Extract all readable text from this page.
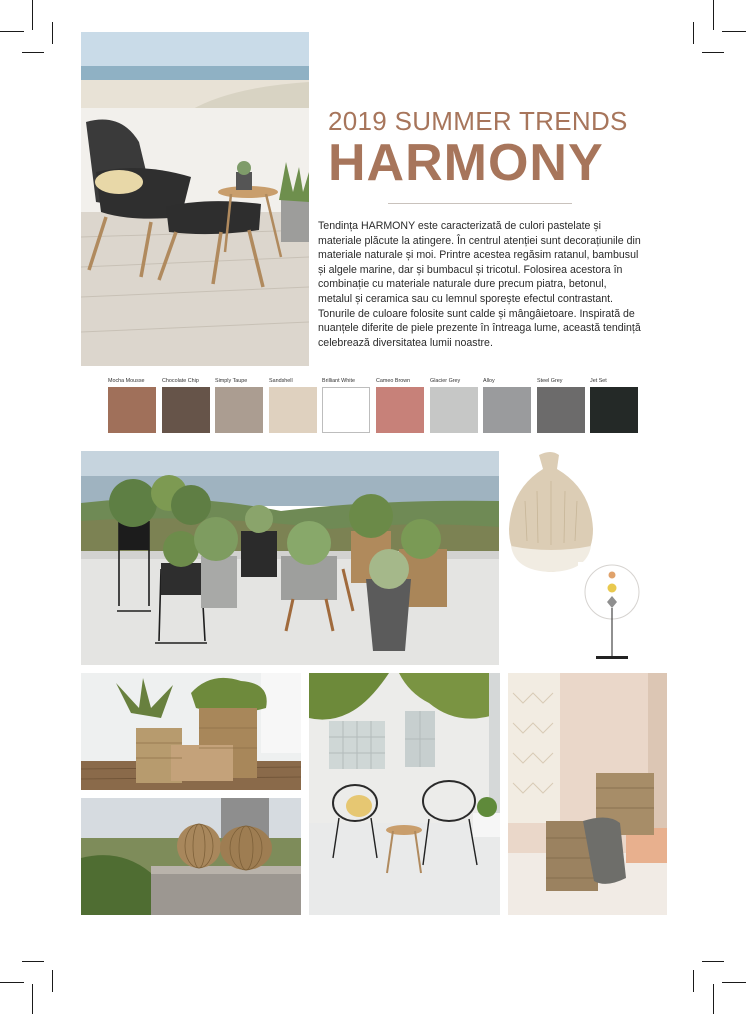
2019 SUMMER TRENDS
HARMONY
Tendința HARMONY este caracterizată de culori pastelate și materiale plăcute la atingere. În centrul atenției sunt decorațiunile din materiale naturale și moi. Printre acestea regăsim ratanul, bambusul și algele marine, dar și bumbacul și tricotul. Folosirea acestora în combinație cu materiale naturale dure precum piatra, betonul, metalul și ceramica sau cu lemnul sporește efectul contrastant. Tonurile de culoare folosite sunt calde și mângâietoare. Inspirată de nuanțele diferite de piele prezente în întreaga lume, această tendință celebrează diversitatea lumii noastre.
Mocha Mousse	Chocolate Chip	Simply Taupe	Sandshell	Brilliant White	Cameo Brown	Glacier Grey	Alloy	Steel Grey	Jet Set
